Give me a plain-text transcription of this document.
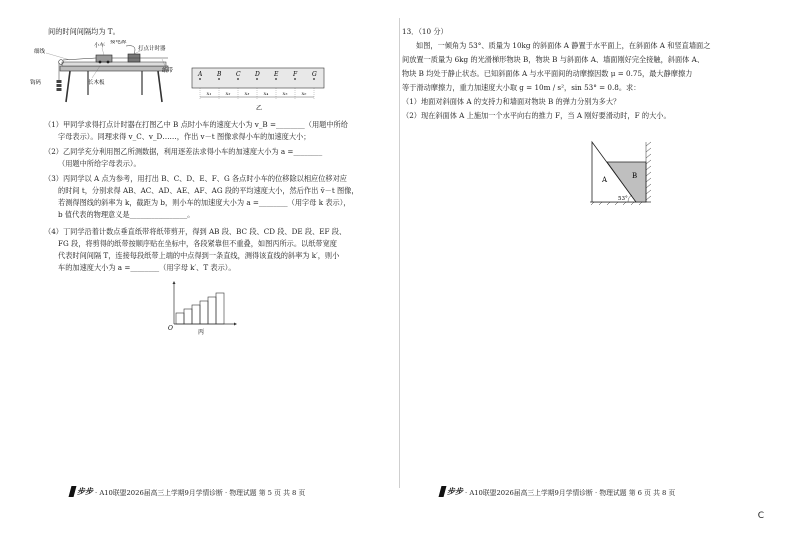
间的时间间隔均为 T。
细线
小车
接电源
打点计时器
纸带
钩码	长木板
A B C D E F G
x₁	x₂	x₃	x₄	x₅	x₆
乙
（1）甲同学求得打点计时器在打图乙中 B 点时小车的速度大小为 v_B =________（用题中所给
字母表示）。同理求得 v_C、v_D……，作出 v－t 图像求得小车的加速度大小；
（2）乙同学充分利用图乙所测数据，利用逐差法求得小车的加速度大小为 a =________
（用题中所给字母表示）。
（3）丙同学以 A 点为参考，用打出 B、C、D、E、F、G 各点时小车的位移除以相应位移对应
的时间 t，分别求得 AB、AC、AD、AE、AF、AG 段的平均速度大小，然后作出 v̄－t 图像，
若测得图线的斜率为 k，截距为 b，则小车的加速度大小为 a =________（用字母 k 表示），
b 值代表的物理意义是________________。
（4）丁同学沿着计数点垂直纸带将纸带剪开，得到 AB 段、BC 段、CD 段、DE 段、EF 段、
FG 段，将剪得的纸带按顺序贴在坐标中，各段紧靠但不重叠，如图丙所示。以纸带宽度
代表时间间隔 T，连接每段纸带上端的中点得到一条直线，测得该直线的斜率为 k′，则小
车的加速度大小为 a =________（用字母 k′、T 表示）。
O
丙
步步 · A10联盟2026届高三上学期9月学情诊断 · 物理试题 第 5 页 共 8 页
13．（10 分）
如图，一倾角为 53°、质量为 10kg 的斜面体 A 静置于水平面上，在斜面体 A 和竖直墙面之
间放置一质量为 6kg 的光滑梯形物块 B，物块 B 与斜面体 A、墙面刚好完全接触，斜面体 A、
物块 B 均处于静止状态。已知斜面体 A 与水平面间的动摩擦因数 μ = 0.75，最大静摩擦力
等于滑动摩擦力，重力加速度大小取 g = 10m / s²，sin 53° = 0.8。求：
（1）地面对斜面体 A 的支持力和墙面对物块 B 的弹力分别为多大？
（2）现在斜面体 A 上施加一个水平向右的推力 F，当 A 刚好要滑动时，F 的大小。
A	B
53°
步步 · A10联盟2026届高三上学期9月学情诊断 · 物理试题 第 6 页 共 8 页
C
